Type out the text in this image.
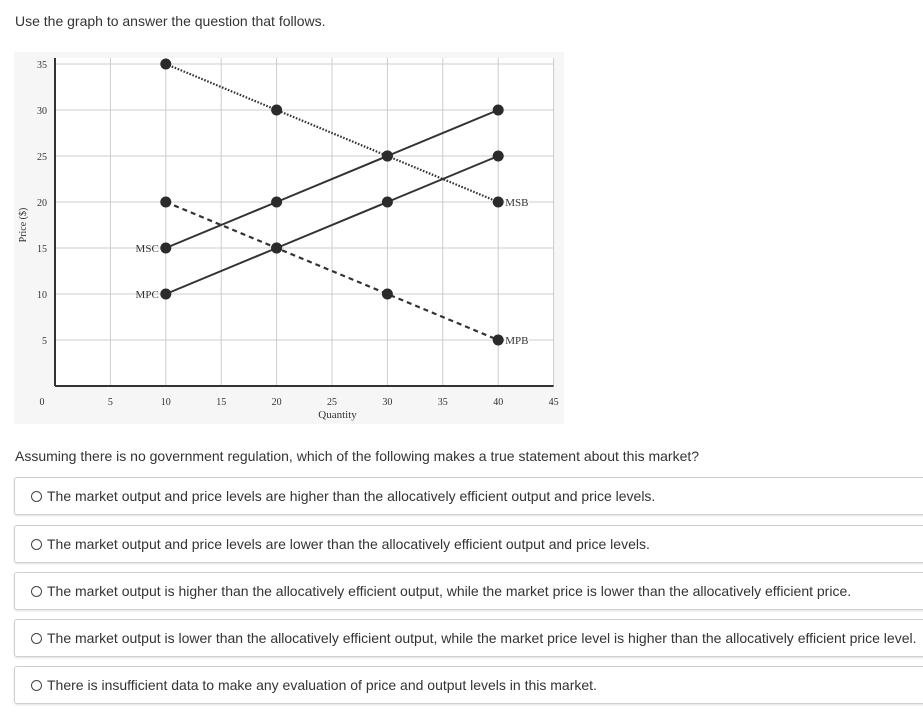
Use the graph to answer the question that follows.
0	5	10	15	20	25	30	35	40	45
35
30
25
20
15
10
5
Quantity
Price ($)
MSC
MPC
MSB
MPB
Assuming there is no government regulation, which of the following makes a true statement about this market?
The market output and price levels are higher than the allocatively efficient output and price levels.
The market output and price levels are lower than the allocatively efficient output and price levels.
The market output is higher than the allocatively efficient output, while the market price is lower than the allocatively efficient price.
The market output is lower than the allocatively efficient output, while the market price level is higher than the allocatively efficient price level.
There is insufficient data to make any evaluation of price and output levels in this market.
